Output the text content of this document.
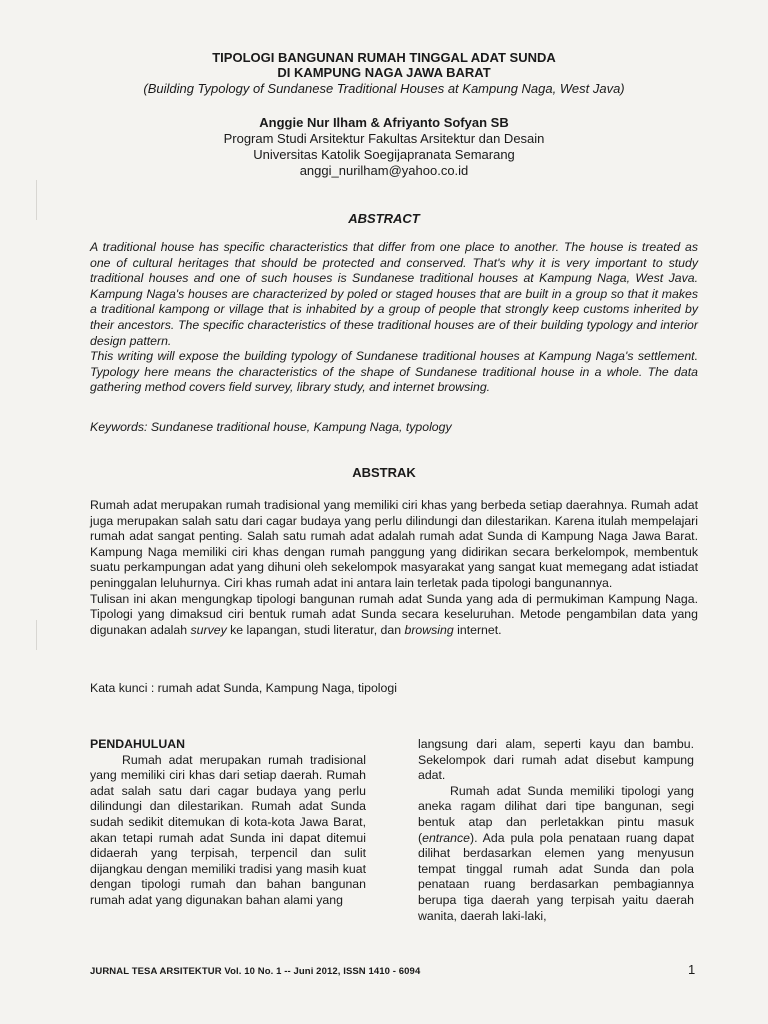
TIPOLOGI BANGUNAN RUMAH TINGGAL ADAT SUNDA
DI KAMPUNG NAGA JAWA BARAT
(Building Typology of Sundanese Traditional Houses at Kampung Naga, West Java)
Anggie Nur Ilham & Afriyanto Sofyan SB
Program Studi Arsitektur Fakultas Arsitektur dan Desain
Universitas Katolik Soegijapranata Semarang
anggi_nurilham@yahoo.co.id
ABSTRACT

A traditional house has specific characteristics that differ from one place to another. The house is treated as one of cultural heritages that should be protected and conserved. That's why it is very important to study traditional houses and one of such houses is Sundanese traditional houses at Kampung Naga, West Java. Kampung Naga's houses are characterized by poled or staged houses that are built in a group so that it makes a traditional kampong or village that is inhabited by a group of people that strongly keep customs inherited by their ancestors. The specific characteristics of these traditional houses are of their building typology and interior design pattern.

This writing will expose the building typology of Sundanese traditional houses at Kampung Naga's settlement. Typology here means the characteristics of the shape of Sundanese traditional house in a whole. The data gathering method covers field survey, library study, and internet browsing.

Keywords: Sundanese traditional house, Kampung Naga, typology
ABSTRAK

Rumah adat merupakan rumah tradisional yang memiliki ciri khas yang berbeda setiap daerahnya. Rumah adat juga merupakan salah satu dari cagar budaya yang perlu dilindungi dan dilestarikan. Karena itulah mempelajari rumah adat sangat penting. Salah satu rumah adat adalah rumah adat Sunda di Kampung Naga Jawa Barat. Kampung Naga memiliki ciri khas dengan rumah panggung yang didirikan secara berkelompok, membentuk suatu perkampungan adat yang dihuni oleh sekelompok masyarakat yang sangat kuat memegang adat istiadat peninggalan leluhurnya. Ciri khas rumah adat ini antara lain terletak pada tipologi bangunannya.

Tulisan ini akan mengungkap tipologi bangunan rumah adat Sunda yang ada di permukiman Kampung Naga. Tipologi yang dimaksud ciri bentuk rumah adat Sunda secara keseluruhan. Metode pengambilan data yang digunakan adalah survey ke lapangan, studi literatur, dan browsing internet.

Kata kunci : rumah adat Sunda, Kampung Naga, tipologi

PENDAHULUAN

Rumah adat merupakan rumah tradisional yang memiliki ciri khas dari setiap daerah. Rumah adat salah satu dari cagar budaya yang perlu dilindungi dan dilestarikan. Rumah adat Sunda sudah sedikit ditemukan di kota-kota Jawa Barat, akan tetapi rumah adat Sunda ini dapat ditemui didaerah yang terpisah, terpencil dan sulit dijangkau dengan memiliki tradisi yang masih kuat dengan tipologi rumah dan bahan bangunan rumah adat yang digunakan bahan alami yang

langsung dari alam, seperti kayu dan bambu. Sekelompok dari rumah adat disebut kampung adat.

Rumah adat Sunda memiliki tipologi yang aneka ragam dilihat dari tipe bangunan, segi bentuk atap dan perletakkan pintu masuk (entrance). Ada pula pola penataan ruang dapat dilihat berdasarkan elemen yang menyusun tempat tinggal rumah adat Sunda dan pola penataan ruang berdasarkan pembagiannya berupa tiga daerah yang terpisah yaitu daerah wanita, daerah laki-laki,

JURNAL TESA ARSITEKTUR Vol. 10 No. 1 -- Juni 2012, ISSN 1410 - 6094	1
